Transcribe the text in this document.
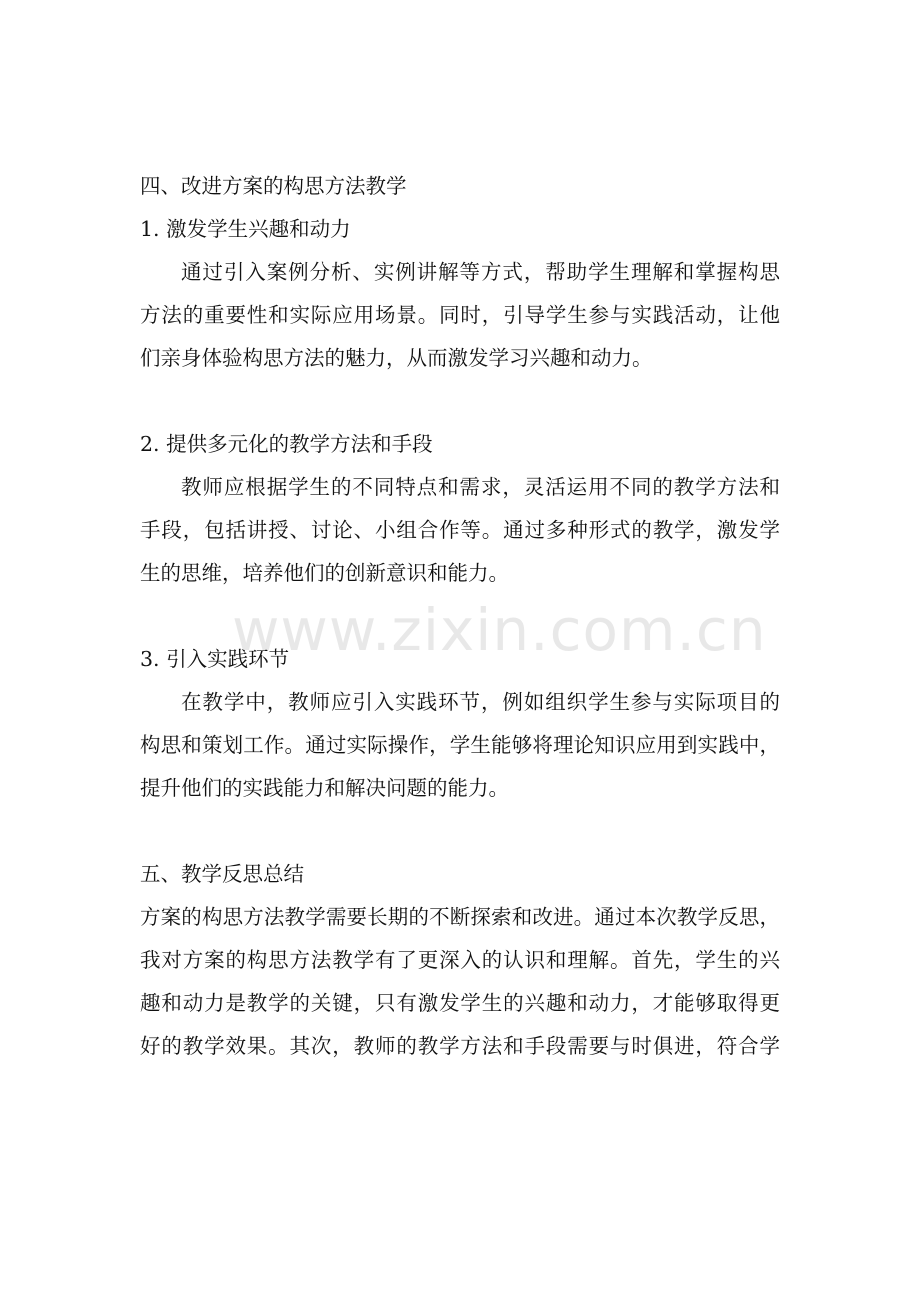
四、改进方案的构思方法教学
1. 激发学生兴趣和动力
通过引入案例分析、实例讲解等方式，帮助学生理解和掌握构思
方法的重要性和实际应用场景。同时，引导学生参与实践活动，让他
们亲身体验构思方法的魅力，从而激发学习兴趣和动力。
2. 提供多元化的教学方法和手段
教师应根据学生的不同特点和需求，灵活运用不同的教学方法和
手段，包括讲授、讨论、小组合作等。通过多种形式的教学，激发学
生的思维，培养他们的创新意识和能力。
3. 引入实践环节
在教学中，教师应引入实践环节，例如组织学生参与实际项目的
构思和策划工作。通过实际操作，学生能够将理论知识应用到实践中，
提升他们的实践能力和解决问题的能力。
五、教学反思总结
方案的构思方法教学需要长期的不断探索和改进。通过本次教学反思，
我对方案的构思方法教学有了更深入的认识和理解。首先，学生的兴
趣和动力是教学的关键，只有激发学生的兴趣和动力，才能够取得更
好的教学效果。其次，教师的教学方法和手段需要与时俱进，符合学
www.zixin.com.cn
